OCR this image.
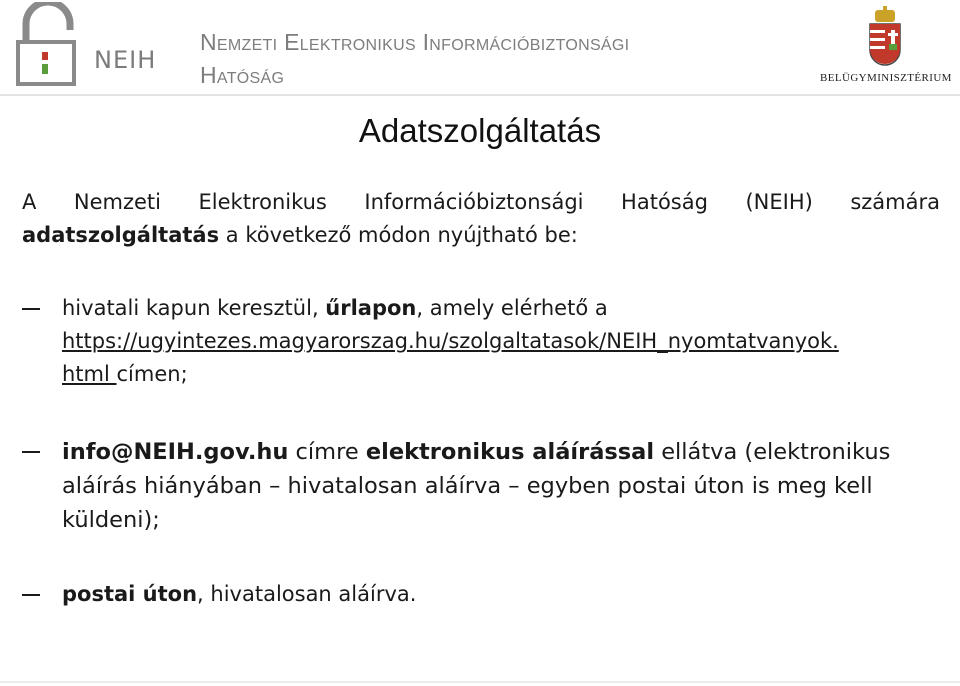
NEIH
Nemzeti Elektronikus Információbiztonsági
Hatóság	BELÜGYMINISZTÉRIUM
Adatszolgáltatás
A Nemzeti Elektronikus Információbiztonsági Hatóság (NEIH) számára
adatszolgáltatás a következő módon nyújtható be:
hivatali kapun keresztül, űrlapon, amely elérhető a
https://ugyintezes.magyarorszag.hu/szolgaltatasok/NEIH_nyomtatvanyok.
html címen;
info@NEIH.gov.hu címre elektronikus aláírással ellátva (elektronikus aláírás hiányában – hivatalosan aláírva – egyben postai úton is meg kell küldeni);
postai úton, hivatalosan aláírva.
